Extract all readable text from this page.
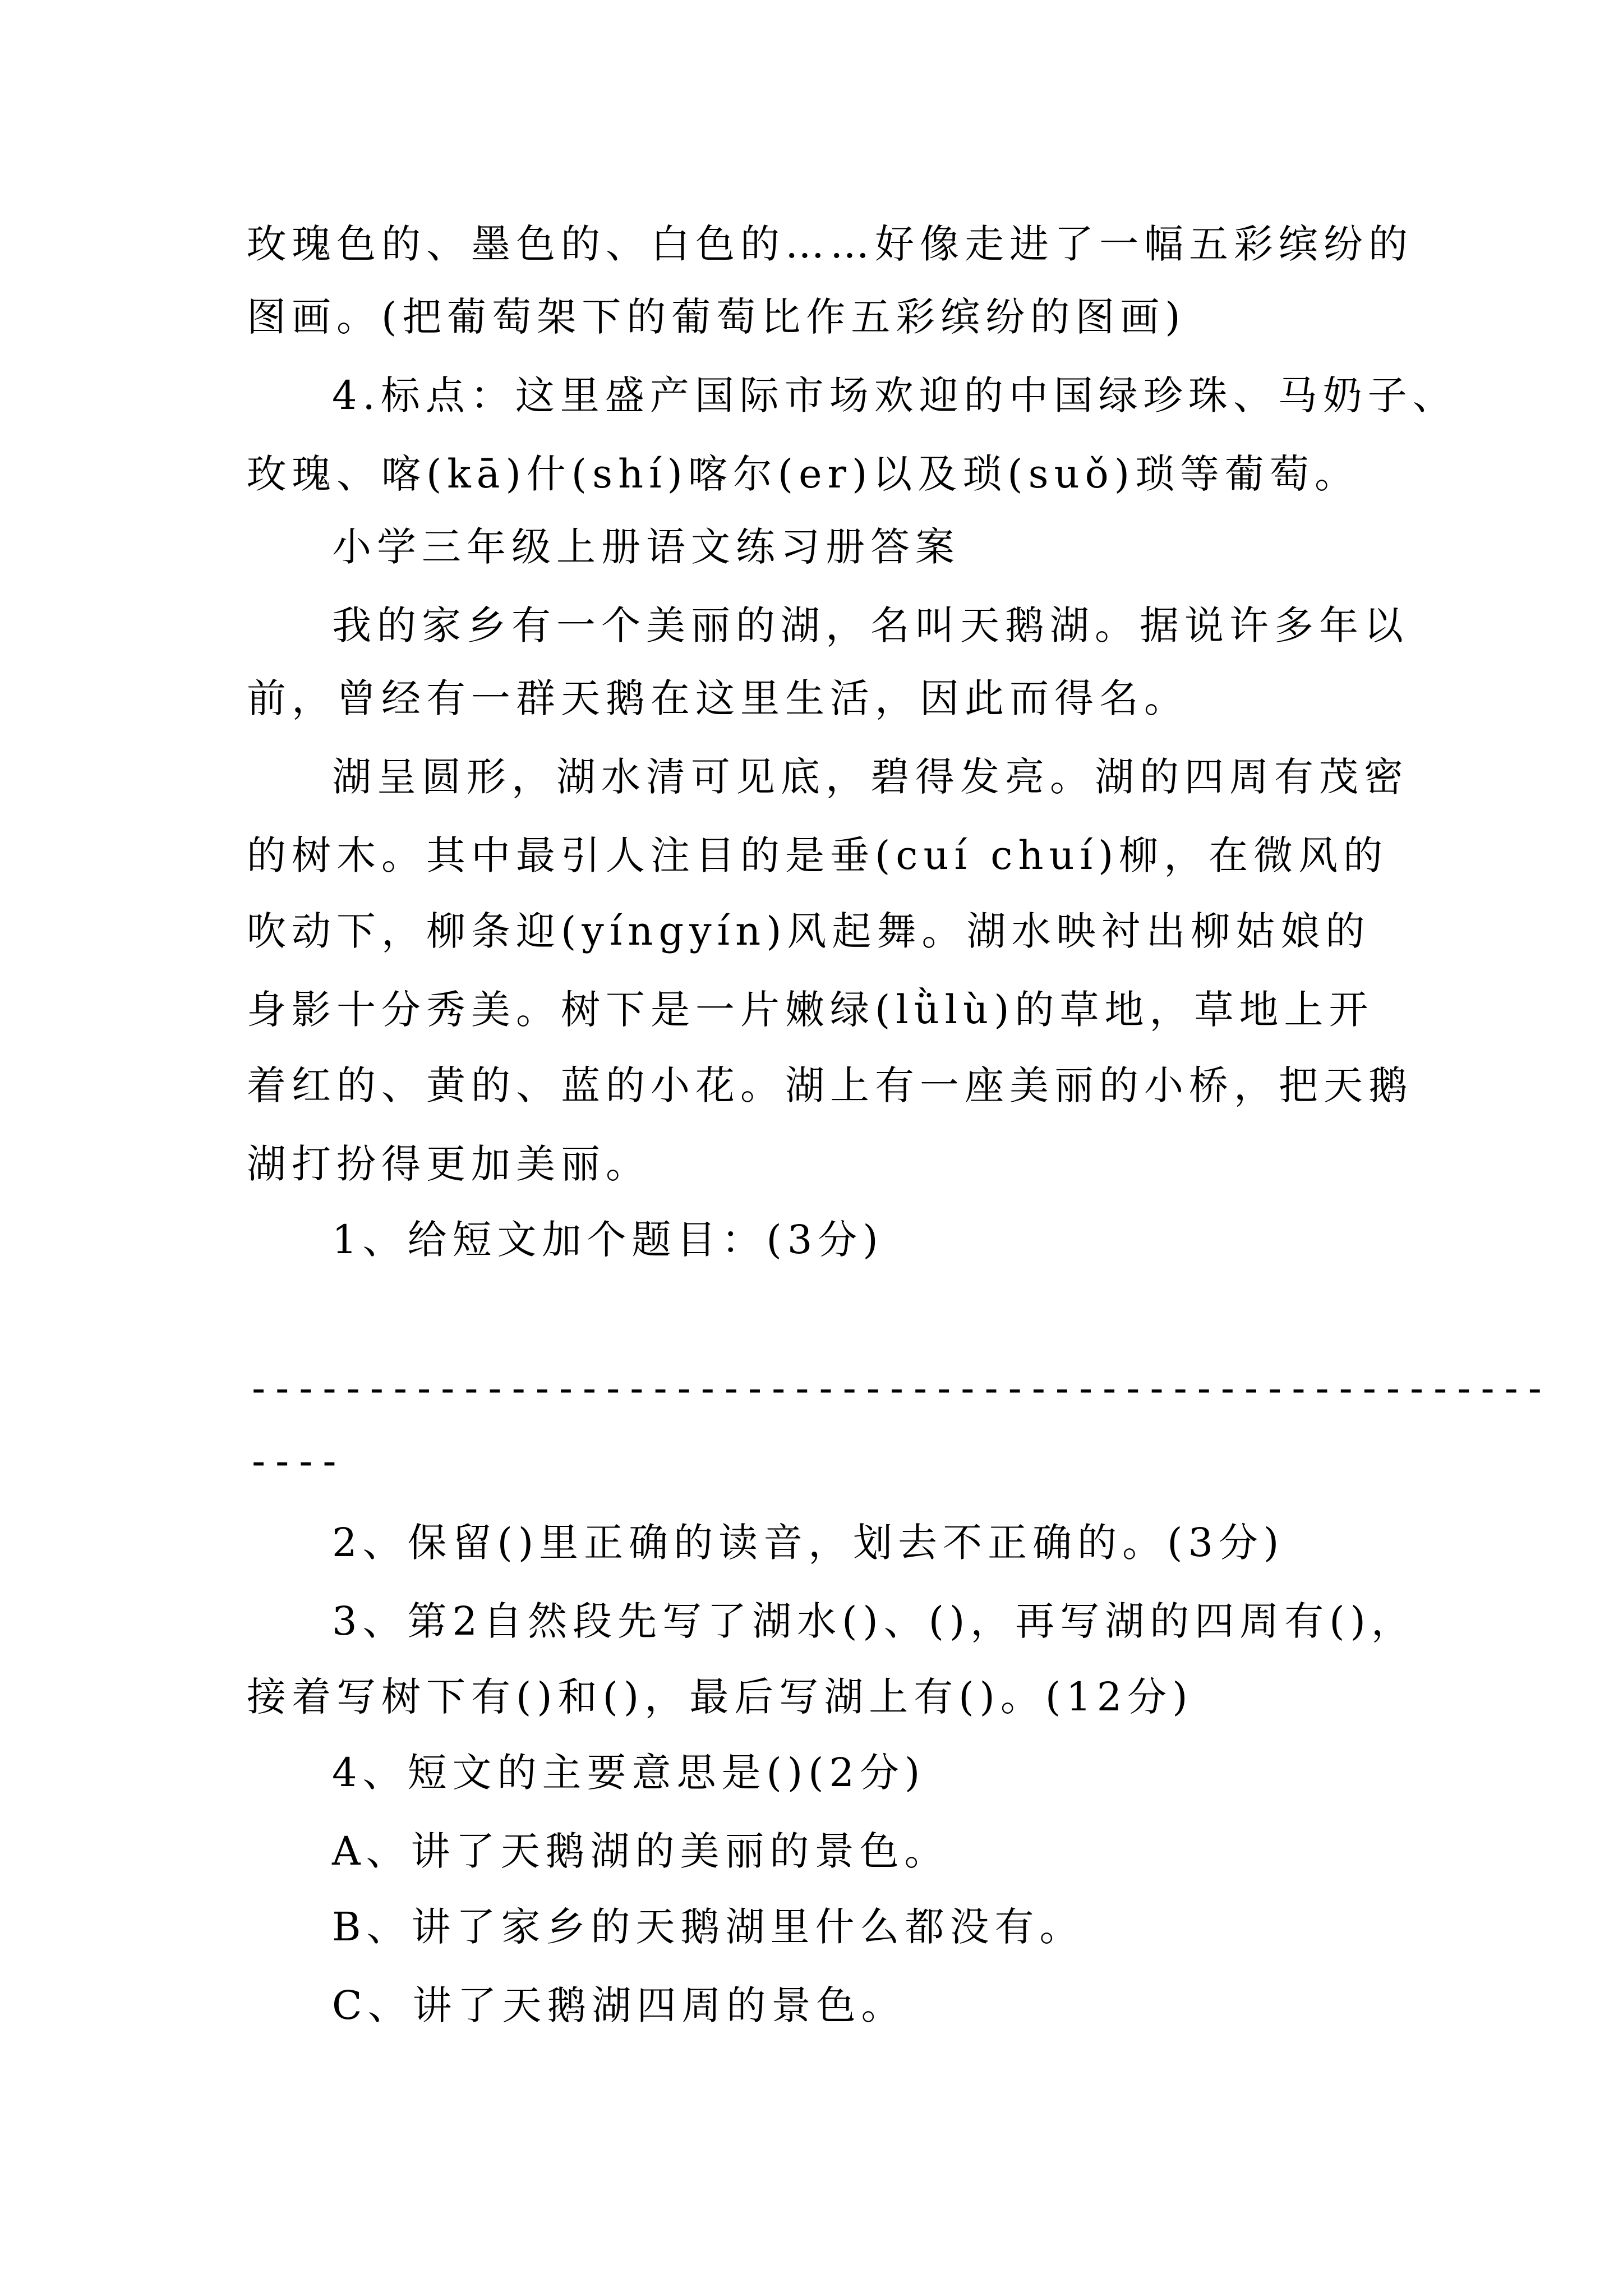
玫瑰色的、墨色的、白色的……好像走进了一幅五彩缤纷的
图画。(把葡萄架下的葡萄比作五彩缤纷的图画)
4.标点：这里盛产国际市场欢迎的中国绿珍珠、马奶子、
玫瑰、喀(kā)什(shí)喀尔(er)以及琐(suǒ)琐等葡萄。
小学三年级上册语文练习册答案
我的家乡有一个美丽的湖，名叫天鹅湖。据说许多年以
前，曾经有一群天鹅在这里生活，因此而得名。
湖呈圆形，湖水清可见底，碧得发亮。湖的四周有茂密
的树木。其中最引人注目的是垂(cuí chuí)柳，在微风的
吹动下，柳条迎(yíngyín)风起舞。湖水映衬出柳姑娘的
身影十分秀美。树下是一片嫩绿(lǜlù)的草地，草地上开
着红的、黄的、蓝的小花。湖上有一座美丽的小桥，把天鹅
湖打扮得更加美丽。
1、给短文加个题目：(3分)
-------------------------------------------------------
----
2、保留()里正确的读音，划去不正确的。(3分)
3、第2自然段先写了湖水()、()，再写湖的四周有()，
接着写树下有()和()，最后写湖上有()。(12分)
4、短文的主要意思是()(2分)
A、讲了天鹅湖的美丽的景色。
B、讲了家乡的天鹅湖里什么都没有。
C、讲了天鹅湖四周的景色。
